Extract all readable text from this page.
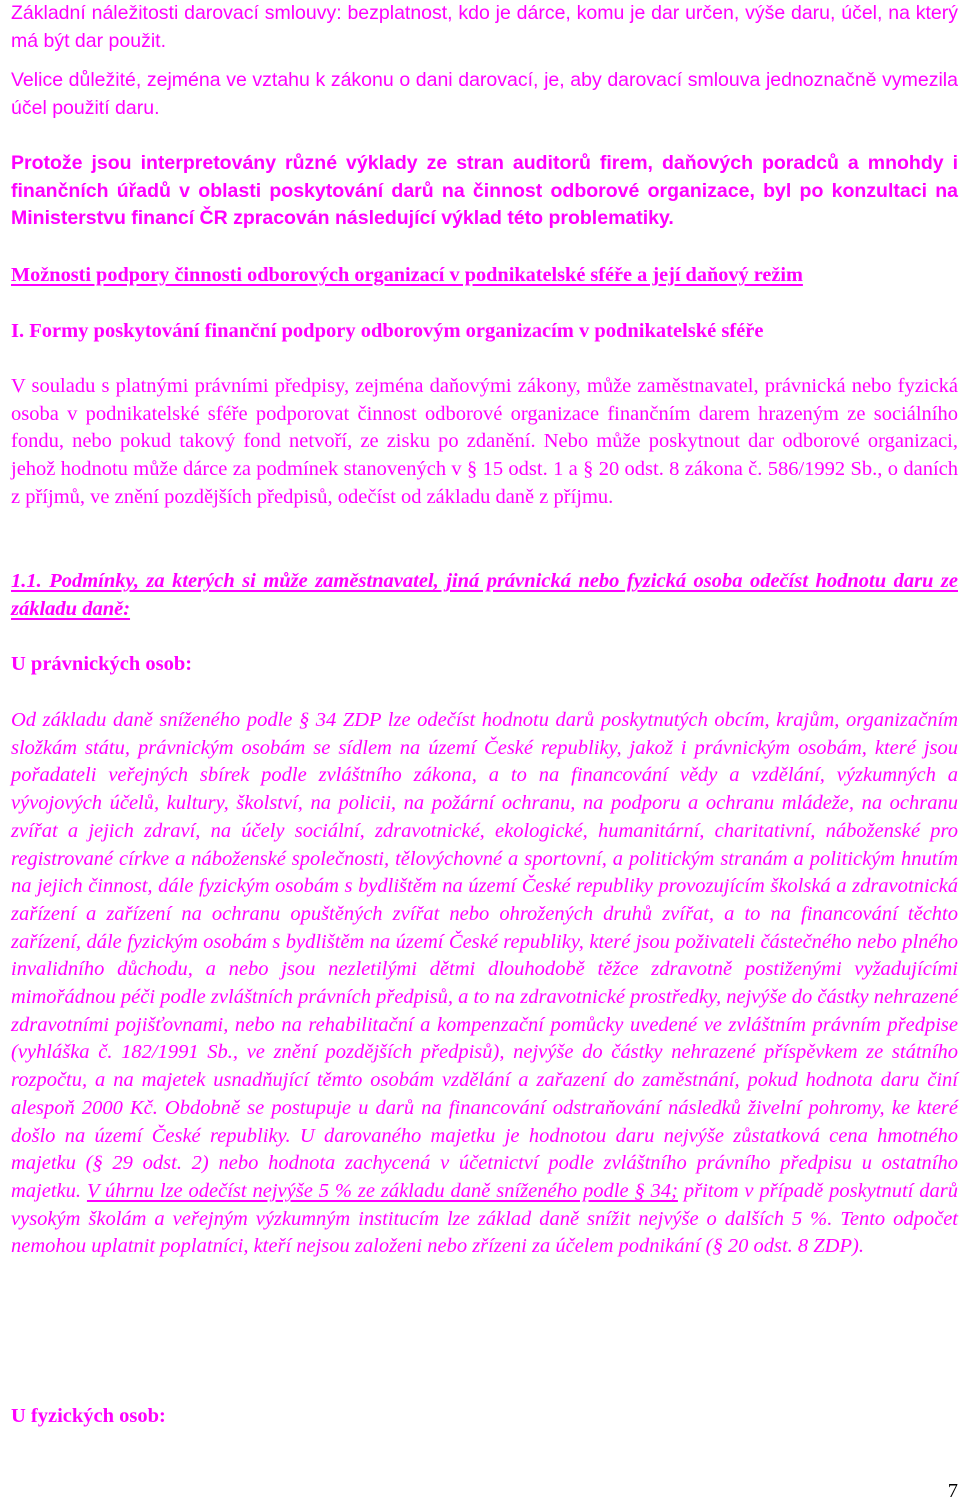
Základní náležitosti darovací smlouvy: bezplatnost, kdo je dárce, komu je dar určen, výše daru, účel, na který má být dar použit.

Velice důležité, zejména ve vztahu k zákonu o dani darovací, je, aby darovací smlouva jednoznačně vymezila účel použití daru.

Protože jsou interpretovány různé výklady ze stran auditorů firem, daňových poradců a mnohdy i finančních úřadů v oblasti poskytování darů na činnost odborové organizace, byl po konzultaci na Ministerstvu financí ČR zpracován následující výklad této problematiky.

Možnosti podpory činnosti odborových organizací v podnikatelské sféře a její daňový režim

I. Formy poskytování finanční podpory odborovým organizacím v podnikatelské sféře

V souladu s platnými právními předpisy, zejména daňovými zákony, může zaměstnavatel, právnická nebo fyzická osoba v podnikatelské sféře podporovat činnost odborové organizace finančním darem hrazeným ze sociálního fondu, nebo pokud takový fond netvoří, ze zisku po zdanění. Nebo může poskytnout dar odborové organizaci, jehož hodnotu může dárce za podmínek stanovených v § 15 odst. 1 a § 20 odst. 8 zákona č. 586/1992 Sb., o daních z příjmů, ve znění pozdějších předpisů, odečíst od základu daně z příjmu.

1.1. Podmínky, za kterých si může zaměstnavatel, jiná právnická nebo fyzická osoba odečíst hodnotu daru ze základu daně:

U právnických osob:

Od základu daně sníženého podle § 34 ZDP lze odečíst hodnotu darů poskytnutých obcím, krajům, organizačním složkám státu, právnickým osobám se sídlem na území České republiky, jakož i právnickým osobám, které jsou pořadateli veřejných sbírek podle zvláštního zákona, a to na financování vědy a vzdělání, výzkumných a vývojových účelů, kultury, školství, na policii, na požární ochranu, na podporu a ochranu mládeže, na ochranu zvířat a jejich zdraví, na účely sociální, zdravotnické, ekologické, humanitární, charitativní, náboženské pro registrované církve a náboženské společnosti, tělovýchovné a sportovní, a politickým stranám a politickým hnutím na jejich činnost, dále fyzickým osobám s bydlištěm na území České republiky provozujícím školská a zdravotnická zařízení a zařízení na ochranu opuštěných zvířat nebo ohrožených druhů zvířat, a to na financování těchto zařízení, dále fyzickým osobám s bydlištěm na území České republiky, které jsou poživateli částečného nebo plného invalidního důchodu, a nebo jsou nezletilými dětmi dlouhodobě těžce zdravotně postiženými vyžadujícími mimořádnou péči podle zvláštních právních předpisů, a to na zdravotnické prostředky, nejvýše do částky nehrazené zdravotními pojišťovnami, nebo na rehabilitační a kompenzační pomůcky uvedené ve zvláštním právním předpise (vyhláška č. 182/1991 Sb., ve znění pozdějších předpisů), nejvýše do částky nehrazené příspěvkem ze státního rozpočtu, a na majetek usnadňující těmto osobám vzdělání a zařazení do zaměstnání, pokud hodnota daru činí alespoň 2000 Kč. Obdobně se postupuje u darů na financování odstraňování následků živelní pohromy, ke které došlo na území České republiky. U darovaného majetku je hodnotou daru nejvýše zůstatková cena hmotného majetku (§ 29 odst. 2) nebo hodnota zachycená v účetnictví podle zvláštního právního předpisu u ostatního majetku. V úhrnu lze odečíst nejvýše 5 % ze základu daně sníženého podle § 34; přitom v případě poskytnutí darů vysokým školám a veřejným výzkumným institucím lze základ daně snížit nejvýše o dalších 5 %. Tento odpočet nemohou uplatnit poplatníci, kteří nejsou založeni nebo zřízeni za účelem podnikání (§ 20 odst. 8 ZDP).

U fyzických osob:

7
